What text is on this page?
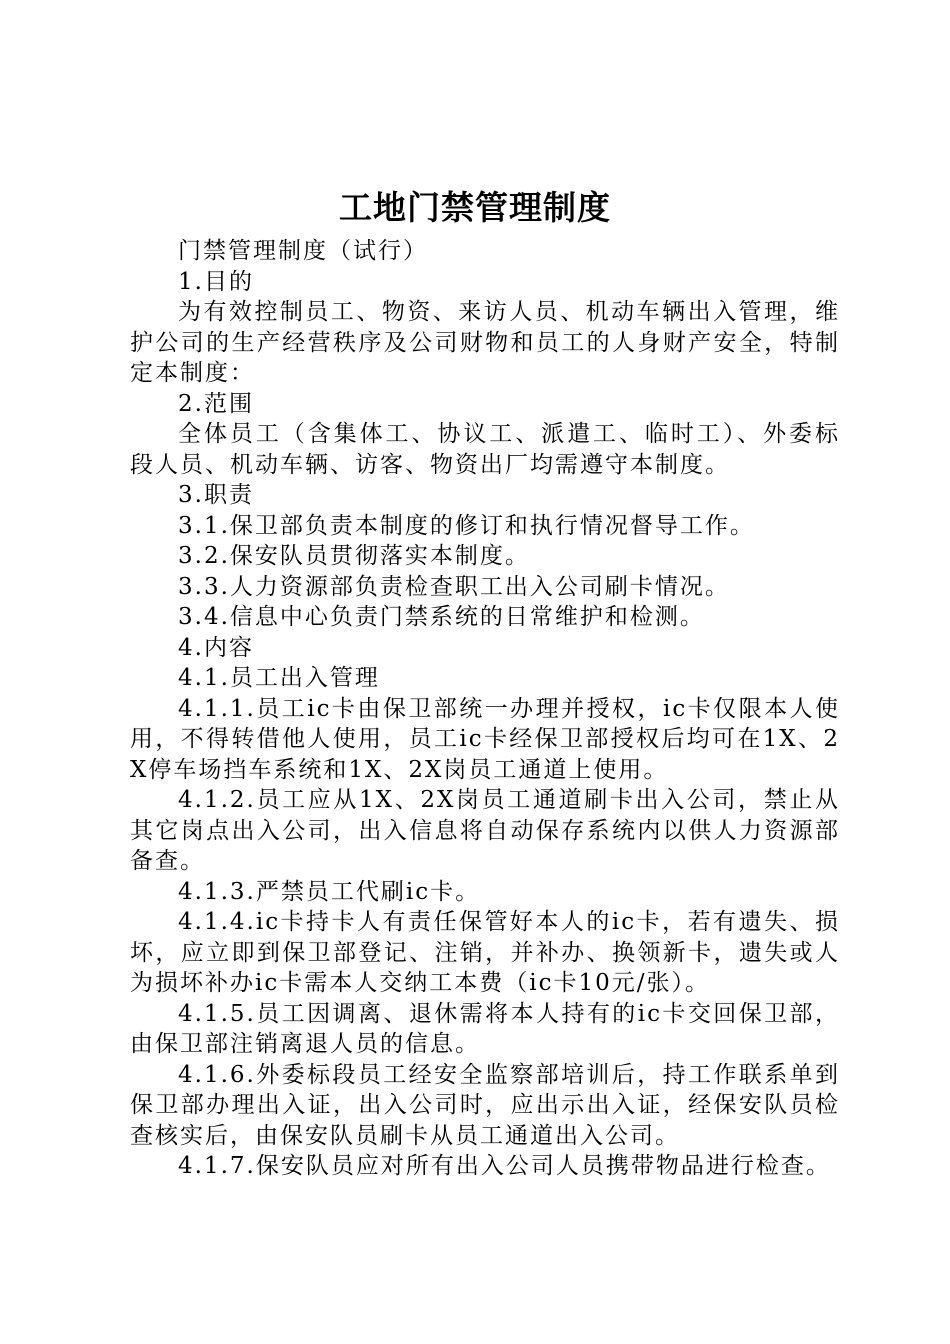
工地门禁管理制度

门禁管理制度（试行）

1.目的

为有效控制员工、物资、来访人员、机动车辆出入管理，维护公司的生产经营秩序及公司财物和员工的人身财产安全，特制定本制度：

2.范围

全体员工（含集体工、协议工、派遣工、临时工）、外委标段人员、机动车辆、访客、物资出厂均需遵守本制度。

3.职责

3.1.保卫部负责本制度的修订和执行情况督导工作。

3.2.保安队员贯彻落实本制度。

3.3.人力资源部负责检查职工出入公司刷卡情况。

3.4.信息中心负责门禁系统的日常维护和检测。

4.内容

4.1.员工出入管理

4.1.1.员工ic卡由保卫部统一办理并授权，ic卡仅限本人使用，不得转借他人使用，员工ic卡经保卫部授权后均可在1X、2X停车场挡车系统和1X、2X岗员工通道上使用。

4.1.2.员工应从1X、2X岗员工通道刷卡出入公司，禁止从其它岗点出入公司，出入信息将自动保存系统内以供人力资源部备查。

4.1.3.严禁员工代刷ic卡。

4.1.4.ic卡持卡人有责任保管好本人的ic卡，若有遗失、损坏，应立即到保卫部登记、注销，并补办、换领新卡，遗失或人为损坏补办ic卡需本人交纳工本费（ic卡10元/张）。

4.1.5.员工因调离、退休需将本人持有的ic卡交回保卫部，由保卫部注销离退人员的信息。

4.1.6.外委标段员工经安全监察部培训后，持工作联系单到保卫部办理出入证，出入公司时，应出示出入证，经保安队员检查核实后，由保安队员刷卡从员工通道出入公司。

4.1.7.保安队员应对所有出入公司人员携带物品进行检查。
